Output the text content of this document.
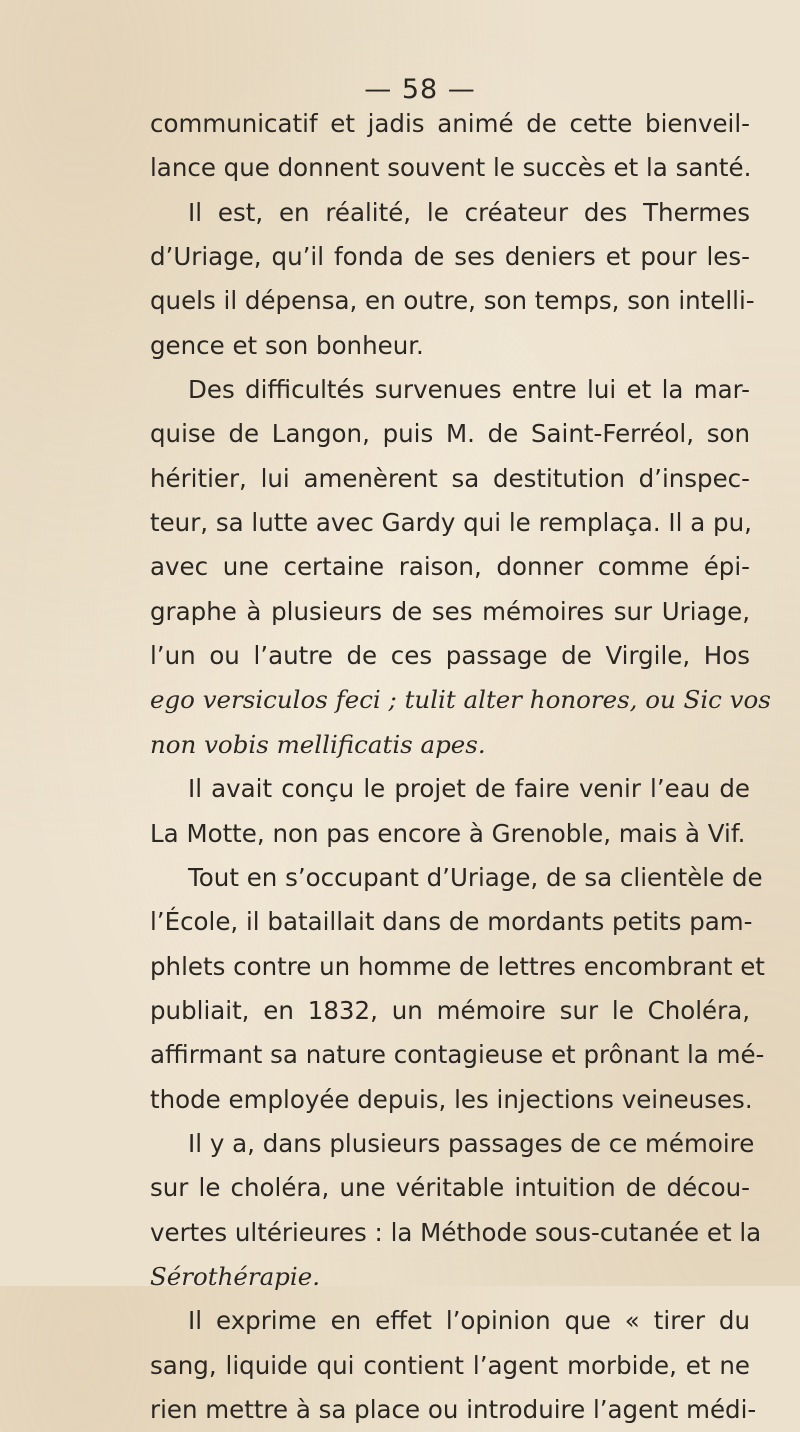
— 58 —
communicatif et jadis animé de cette bienveil-
lance que donnent souvent le succès et la santé.
Il est, en réalité, le créateur des Thermes
d’Uriage, qu’il fonda de ses deniers et pour les-
quels il dépensa, en outre, son temps, son intelli-
gence et son bonheur.
Des difficultés survenues entre lui et la mar-
quise de Langon, puis M. de Saint-Ferréol, son
héritier, lui amenèrent sa destitution d’inspec-
teur, sa lutte avec Gardy qui le remplaça. Il a pu,
avec une certaine raison, donner comme épi-
graphe à plusieurs de ses mémoires sur Uriage,
l’un ou l’autre de ces passage de Virgile, Hos
ego versiculos feci ; tulit alter honores, ou Sic vos
non vobis mellificatis apes.
Il avait conçu le projet de faire venir l’eau de
La Motte, non pas encore à Grenoble, mais à Vif.
Tout en s’occupant d’Uriage, de sa clientèle de
l’École, il bataillait dans de mordants petits pam-
phlets contre un homme de lettres encombrant et
publiait, en 1832, un mémoire sur le Choléra,
affirmant sa nature contagieuse et prônant la mé-
thode employée depuis, les injections veineuses.
Il y a, dans plusieurs passages de ce mémoire
sur le choléra, une véritable intuition de décou-
vertes ultérieures : la Méthode sous-cutanée et la
Sérothérapie.
Il exprime en effet l’opinion que « tirer du
sang, liquide qui contient l’agent morbide, et ne
rien mettre à sa place ou introduire l’agent médi-
